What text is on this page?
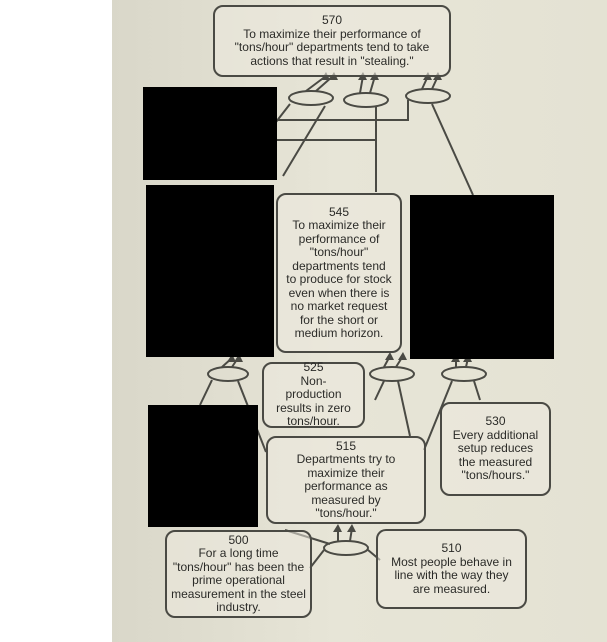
570
To maximize their performance of "tons/hour" departments tend to take actions that result in "stealing."
545
To maximize their performance of "tons/hour" departments tend to produce for stock even when there is no market request for the short or medium horizon.
525
Non-production results in zero tons/hour.	530
Every additional setup reduces the measured "tons/hours."
515
Departments try to maximize their performance as measured by "tons/hour."
500
For a long time "tons/hour" has been the prime operational measurement in the steel industry.
510
Most people behave in line with the way they are measured.
